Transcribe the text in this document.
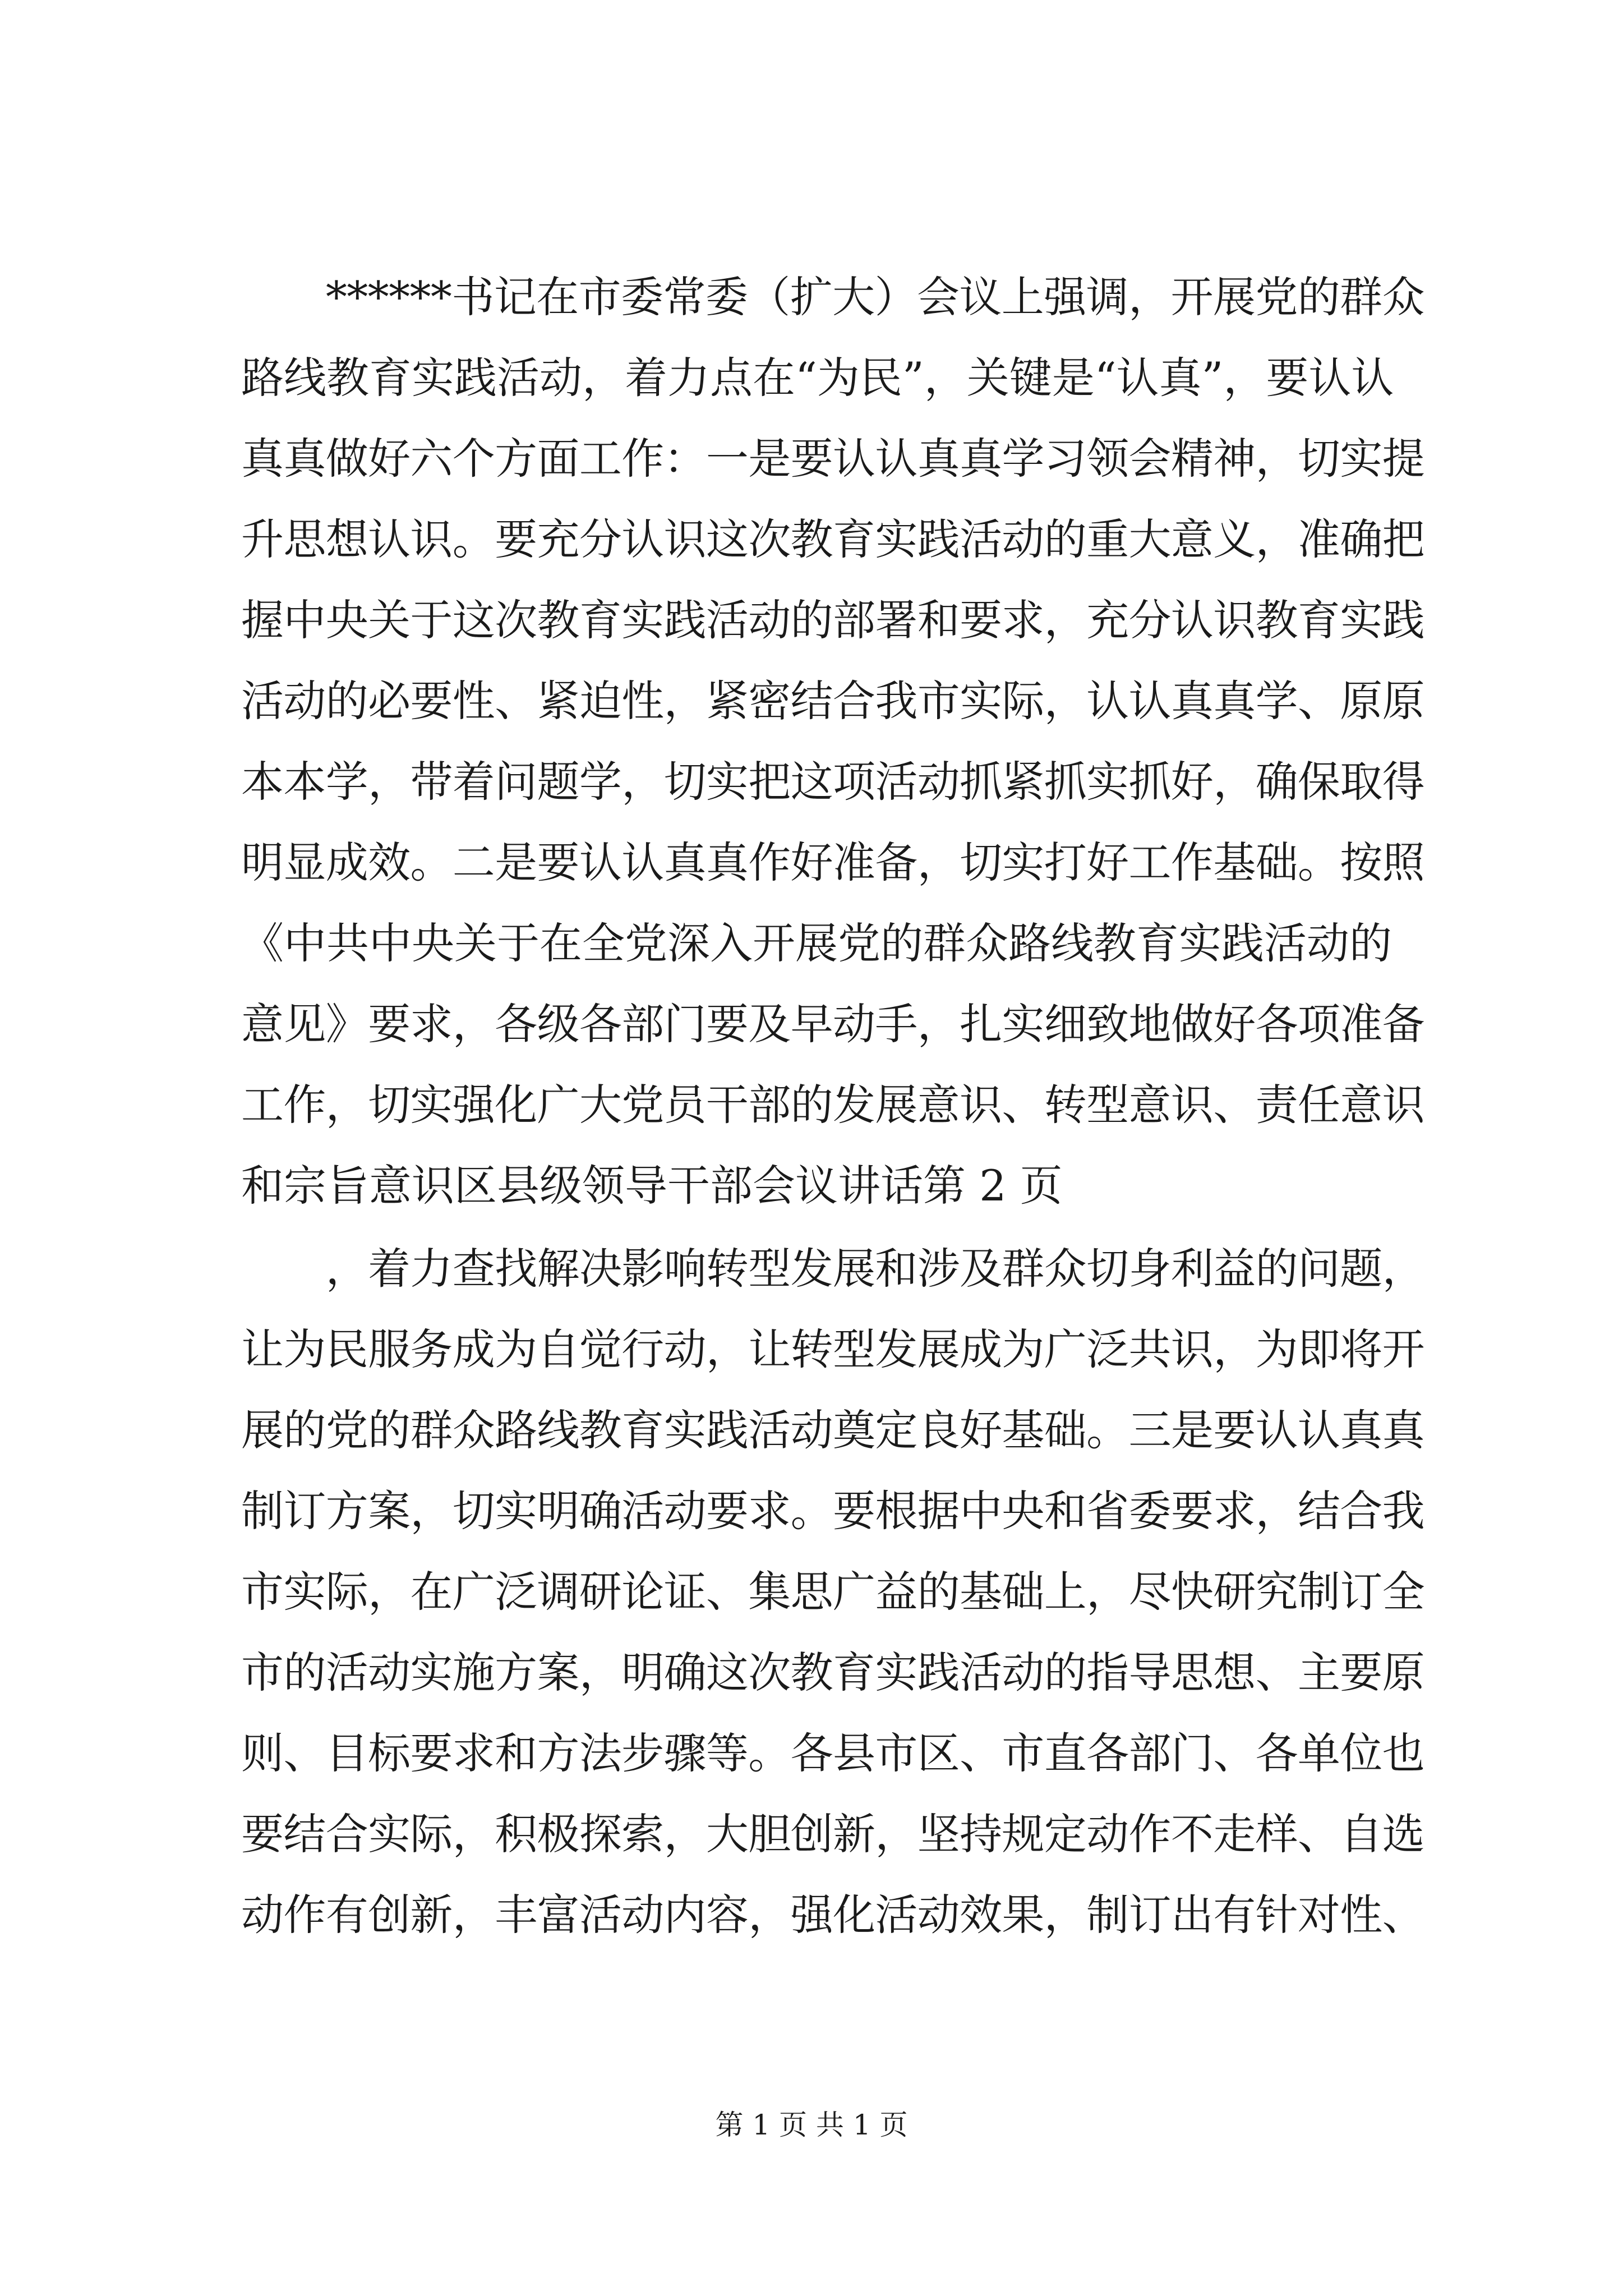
　　******书记在市委常委（扩大）会议上强调，开展党的群众
路线教育实践活动，着力点在“为民”，关键是“认真”，要认认
真真做好六个方面工作：一是要认认真真学习领会精神，切实提
升思想认识。要充分认识这次教育实践活动的重大意义，准确把
握中央关于这次教育实践活动的部署和要求，充分认识教育实践
活动的必要性、紧迫性，紧密结合我市实际，认认真真学、原原
本本学，带着问题学，切实把这项活动抓紧抓实抓好，确保取得
明显成效。二是要认认真真作好准备，切实打好工作基础。按照
《中共中央关于在全党深入开展党的群众路线教育实践活动的
意见》要求，各级各部门要及早动手，扎实细致地做好各项准备
工作，切实强化广大党员干部的发展意识、转型意识、责任意识
和宗旨意识区县级领导干部会议讲话第 2 页
　　，着力查找解决影响转型发展和涉及群众切身利益的问题，
让为民服务成为自觉行动，让转型发展成为广泛共识，为即将开
展的党的群众路线教育实践活动奠定良好基础。三是要认认真真
制订方案，切实明确活动要求。要根据中央和省委要求，结合我
市实际，在广泛调研论证、集思广益的基础上，尽快研究制订全
市的活动实施方案，明确这次教育实践活动的指导思想、主要原
则、目标要求和方法步骤等。各县市区、市直各部门、各单位也
要结合实际，积极探索，大胆创新，坚持规定动作不走样、自选
动作有创新，丰富活动内容，强化活动效果，制订出有针对性、
第 1 页 共 1 页
